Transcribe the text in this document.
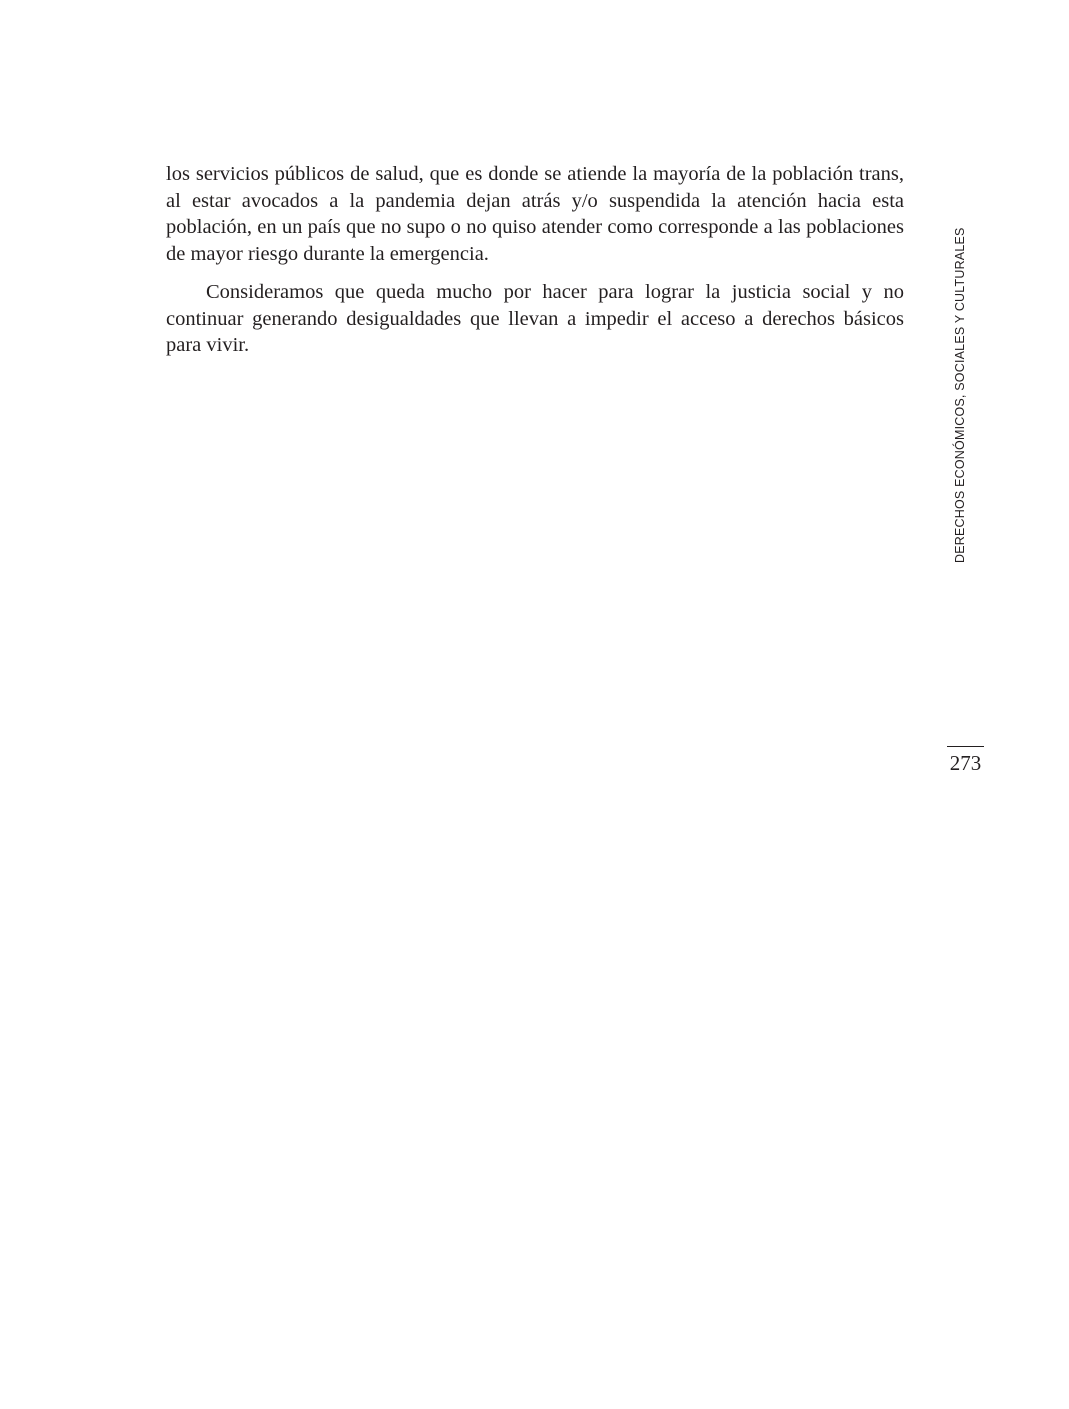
los servicios públicos de salud, que es donde se atiende la mayoría de la población trans, al estar avocados a la pandemia dejan atrás y/o suspendida la atención hacia esta población, en un país que no supo o no quiso atender como corresponde a las poblaciones de mayor riesgo durante la emergencia.

Consideramos que queda mucho por hacer para lograr la justicia social y no continuar generando desigualdades que llevan a impedir el acceso a derechos básicos para vivir.	DERECHOS ECONÓMICOS, SOCIALES Y CULTURALES
273
